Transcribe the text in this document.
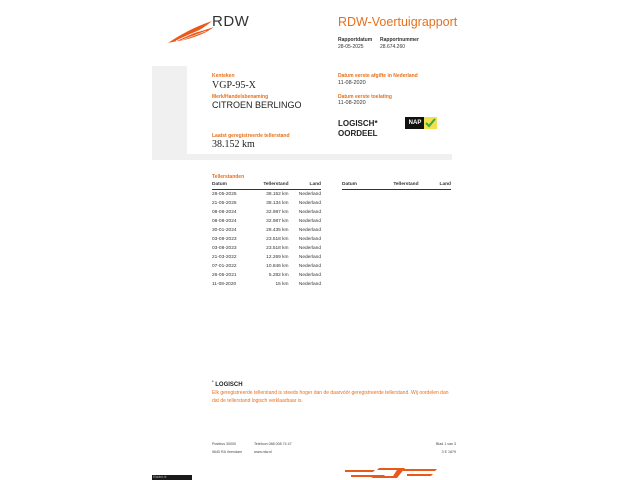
RDW	RDW-Voertuigrapport
Rapportdatum
28-05-2025
Rapportnummer
28.674.260
Kenteken
VGP-95-X
Merk/Handelsbenaming
CITROEN BERLINGO
Laatst geregistreerde tellerstand
38.152 km
Datum eerste afgifte in Nederland
11-08-2020
Datum eerste toelating
11-08-2020
LOGISCH*
OORDEEL
NAP
Tellerstanden
Datum	Tellerstand	Land
28-05-2025	38.152 km	Nederland
21-05-2025	38.134 km	Nederland
08-08-2024	32.987 km	Nederland
08-08-2024	32.987 km	Nederland
30-01-2024	28.435 km	Nederland
03-08-2023	23.518 km	Nederland
03-08-2023	23.518 km	Nederland
21-03-2022	12.269 km	Nederland
07-01-2022	10.846 km	Nederland
26-05-2021	5.282 km	Nederland
11-08-2020	15 km	Nederland
Datum	Tellerstand	Land
* LOGISCH
Elk geregistreerde tellerstand is steeds hoger dan de daarvóór geregistreerde tellerstand. Wij oordelen dan dat de tellerstand logisch verklaarbaar is.
Postbus 30000
9640 RA Veendam
Telefoon 088 008 74 47
www.rdw.nl
Blad 1 van 3
3 E 1879
Klantnr.nl
